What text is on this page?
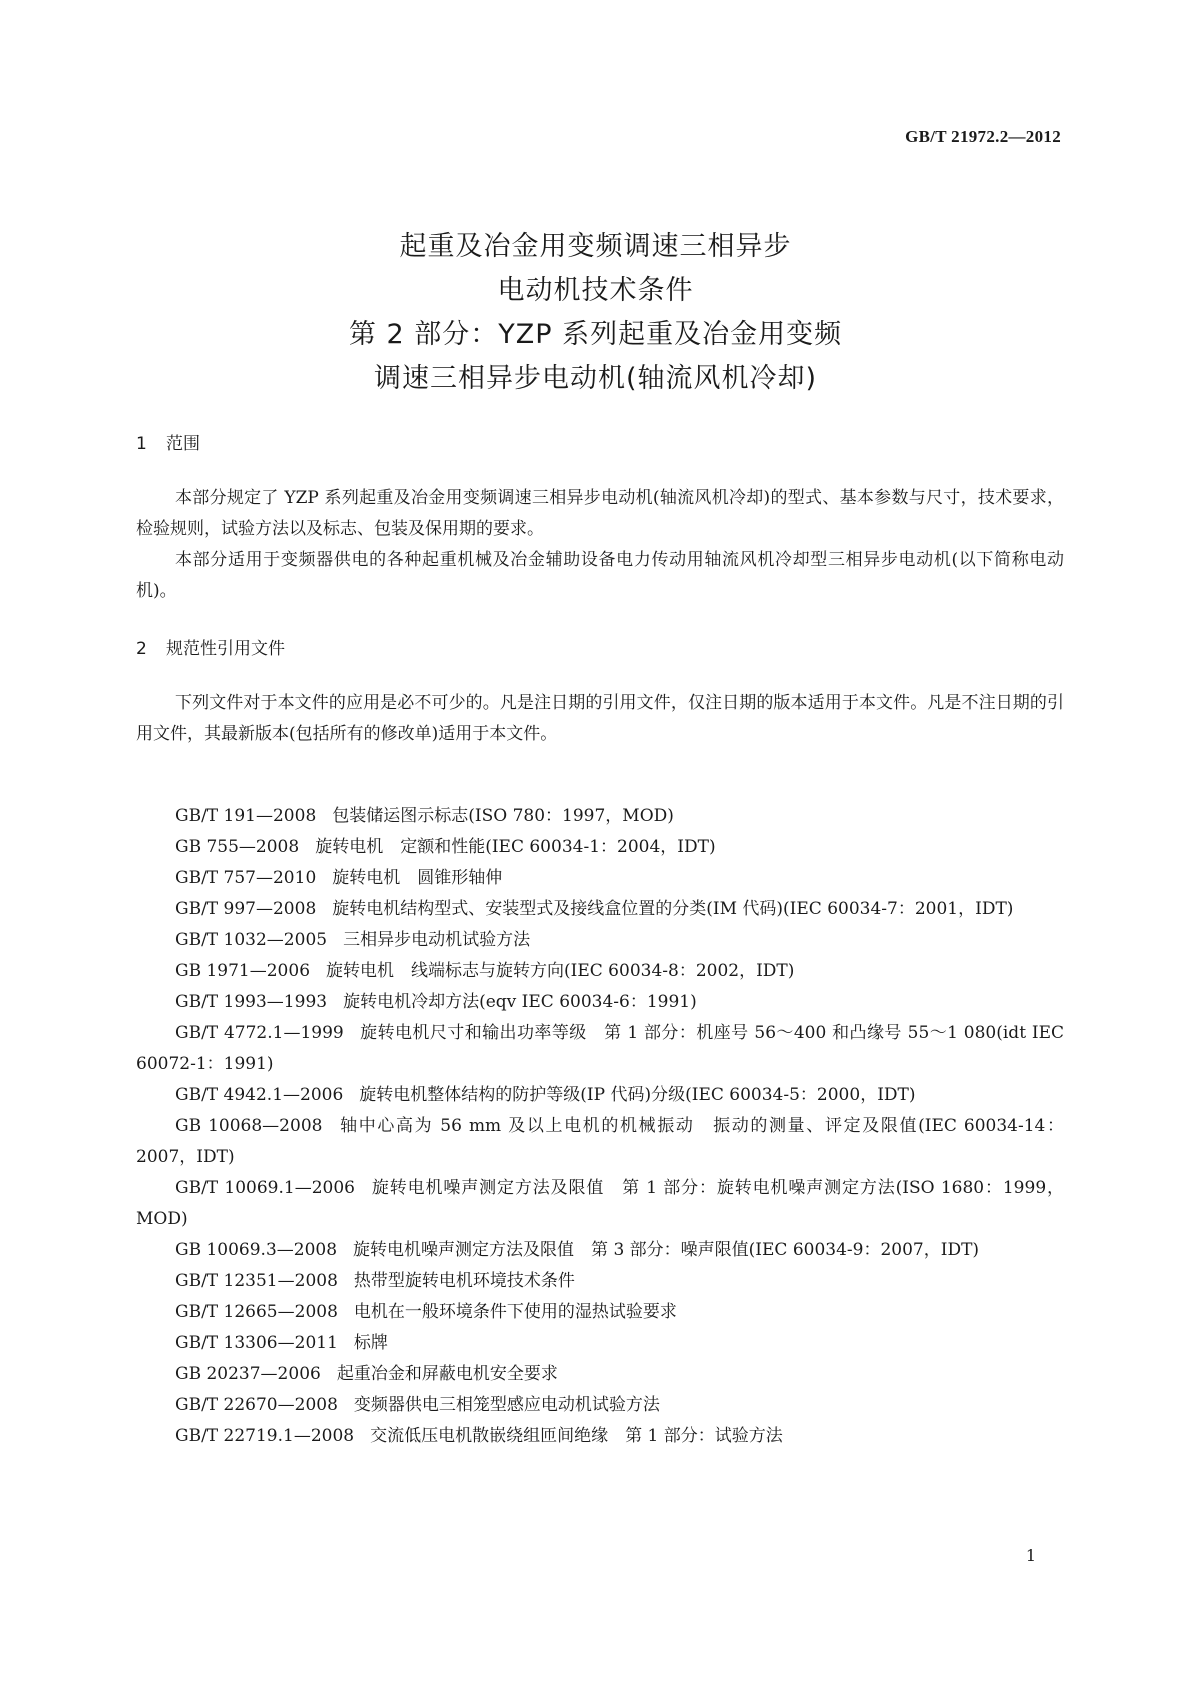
GB/T 21972.2—2012
起重及冶金用变频调速三相异步
电动机技术条件
第 2 部分：YZP 系列起重及冶金用变频
调速三相异步电动机(轴流风机冷却)
1 范围
本部分规定了 YZP 系列起重及冶金用变频调速三相异步电动机(轴流风机冷却)的型式、基本参数与尺寸，技术要求，检验规则，试验方法以及标志、包装及保用期的要求。
本部分适用于变频器供电的各种起重机械及冶金辅助设备电力传动用轴流风机冷却型三相异步电动机(以下简称电动机)。
2 规范性引用文件
下列文件对于本文件的应用是必不可少的。凡是注日期的引用文件，仅注日期的版本适用于本文件。凡是不注日期的引用文件，其最新版本(包括所有的修改单)适用于本文件。
GB/T 191—2008 包装储运图示标志(ISO 780：1997，MOD)
GB 755—2008 旋转电机　定额和性能(IEC 60034-1：2004，IDT)
GB/T 757—2010 旋转电机　圆锥形轴伸
GB/T 997—2008 旋转电机结构型式、安装型式及接线盒位置的分类(IM 代码)(IEC 60034-7：2001，IDT)
GB/T 1032—2005 三相异步电动机试验方法
GB 1971—2006 旋转电机　线端标志与旋转方向(IEC 60034-8：2002，IDT)
GB/T 1993—1993 旋转电机冷却方法(eqv IEC 60034-6：1991)
GB/T 4772.1—1999 旋转电机尺寸和输出功率等级　第 1 部分：机座号 56～400 和凸缘号 55～1 080(idt IEC 60072-1：1991)
GB/T 4942.1—2006 旋转电机整体结构的防护等级(IP 代码)分级(IEC 60034-5：2000，IDT)
GB 10068—2008 轴中心高为 56 mm 及以上电机的机械振动　振动的测量、评定及限值(IEC 60034-14：2007，IDT)
GB/T 10069.1—2006 旋转电机噪声测定方法及限值　第 1 部分：旋转电机噪声测定方法(ISO 1680：1999，MOD)
GB 10069.3—2008 旋转电机噪声测定方法及限值　第 3 部分：噪声限值(IEC 60034-9：2007，IDT)
GB/T 12351—2008 热带型旋转电机环境技术条件
GB/T 12665—2008 电机在一般环境条件下使用的湿热试验要求
GB/T 13306—2011 标牌
GB 20237—2006 起重冶金和屏蔽电机安全要求
GB/T 22670—2008 变频器供电三相笼型感应电动机试验方法
GB/T 22719.1—2008 交流低压电机散嵌绕组匝间绝缘　第 1 部分：试验方法
1
